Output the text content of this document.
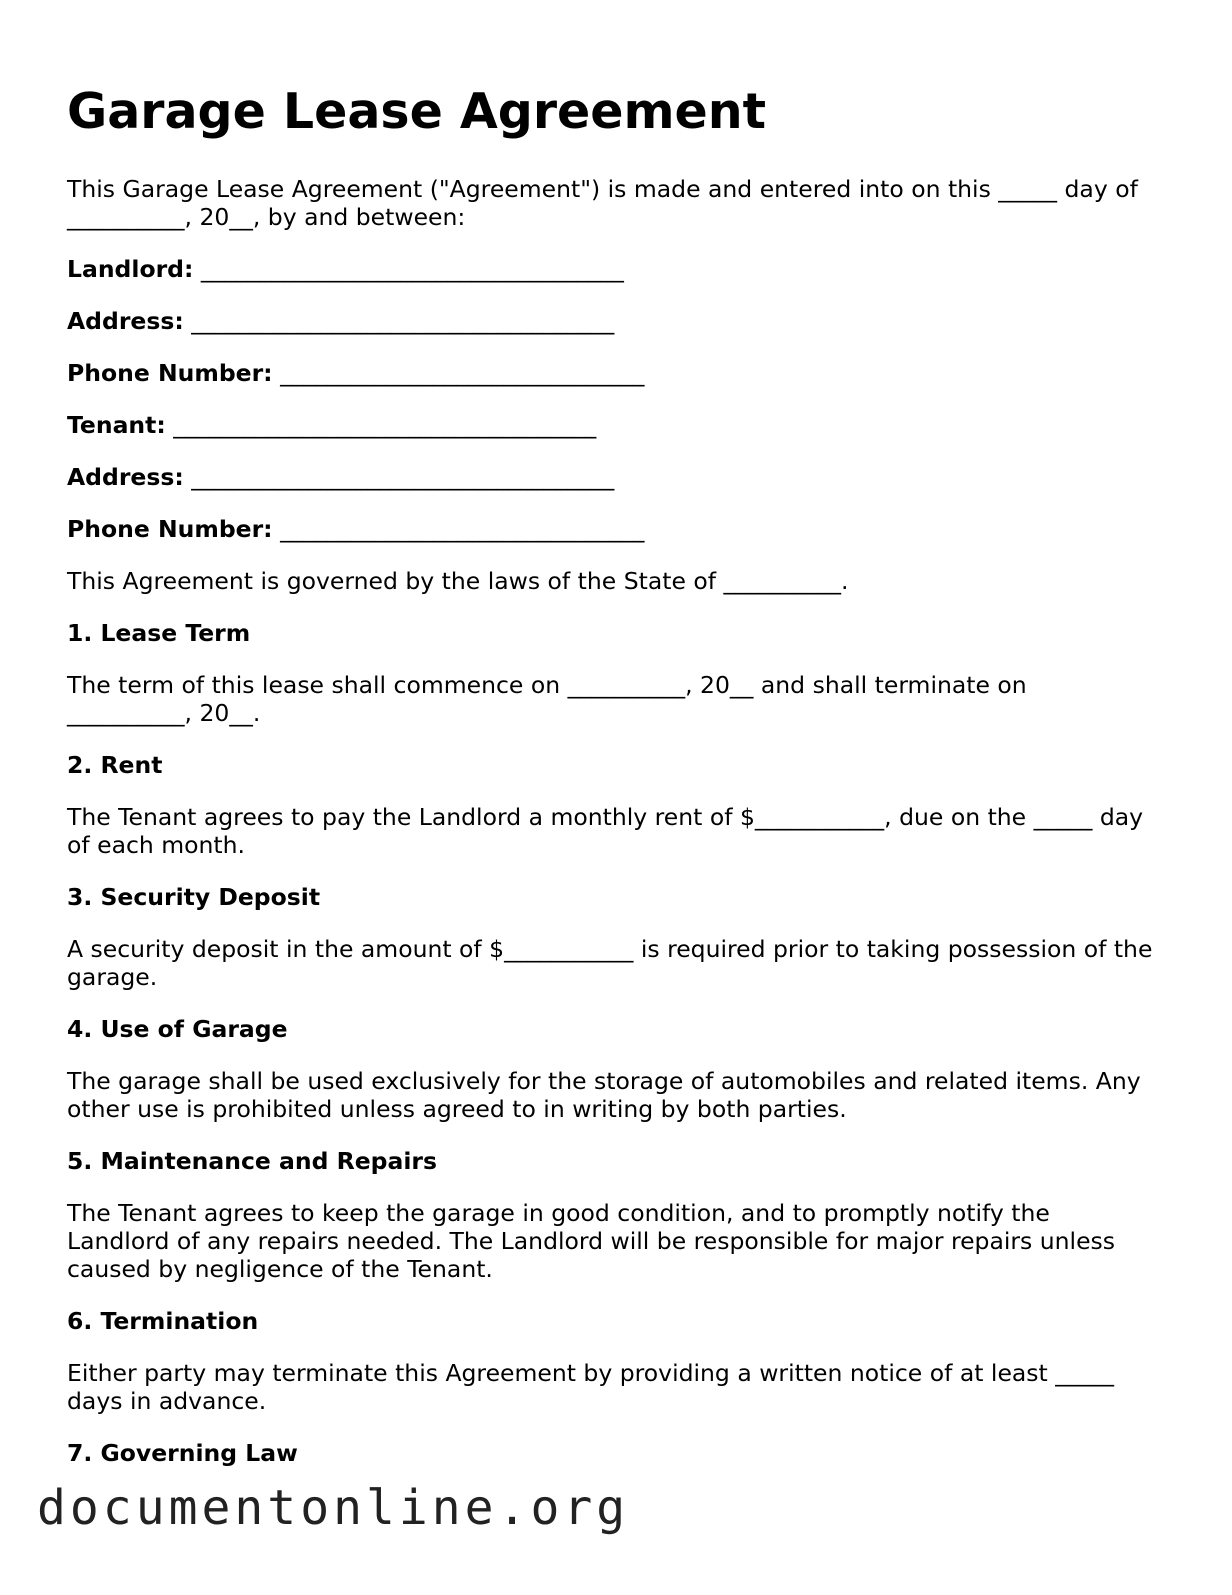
Garage Lease Agreement

This Garage Lease Agreement ("Agreement") is made and entered into on this _____ day of __________, 20__, by and between:

Landlord: ____________________________________

Address: ____________________________________

Phone Number: _______________________________

Tenant: ____________________________________

Address: ____________________________________

Phone Number: _______________________________

This Agreement is governed by the laws of the State of __________.

1. Lease Term

The term of this lease shall commence on __________, 20__ and shall terminate on __________, 20__.

2. Rent

The Tenant agrees to pay the Landlord a monthly rent of $___________, due on the _____ day of each month.

3. Security Deposit

A security deposit in the amount of $___________ is required prior to taking possession of the garage.

4. Use of Garage

The garage shall be used exclusively for the storage of automobiles and related items. Any other use is prohibited unless agreed to in writing by both parties.

5. Maintenance and Repairs

The Tenant agrees to keep the garage in good condition, and to promptly notify the Landlord of any repairs needed. The Landlord will be responsible for major repairs unless caused by negligence of the Tenant.

6. Termination

Either party may terminate this Agreement by providing a written notice of at least _____ days in advance.

7. Governing Law

documentonline.org
